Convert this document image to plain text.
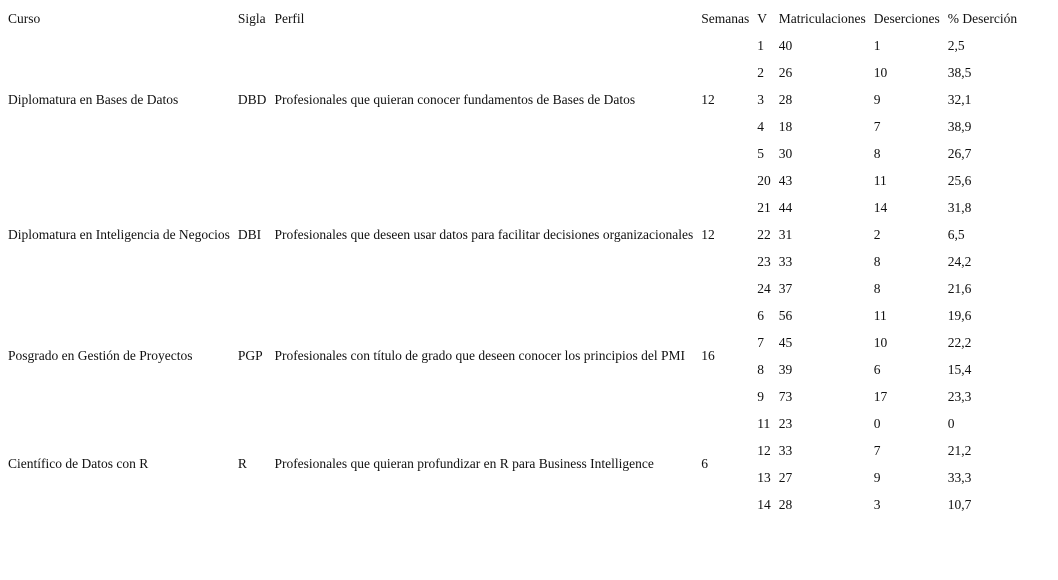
Curso	Sigla	Perfil	Semanas	V	Matriculaciones	Deserciones	% Deserción
Diplomatura en Bases de Datos	DBD	Profesionales que quieran conocer fundamentos de Bases de Datos	12	1	40	1	2,5
				2	26	10	38,5
				3	28	9	32,1
				4	18	7	38,9
				5	30	8	26,7
Diplomatura en Inteligencia de Negocios	DBI	Profesionales que deseen usar datos para facilitar decisiones organizacionales	12	20	43	11	25,6
				21	44	14	31,8
				22	31	2	6,5
				23	33	8	24,2
				24	37	8	21,6
Posgrado en Gestión de Proyectos	PGP	Profesionales con título de grado que deseen conocer los principios del PMI	16	6	56	11	19,6
				7	45	10	22,2
				8	39	6	15,4
				9	73	17	23,3
Científico de Datos con R	R	Profesionales que quieran profundizar en R para Business Intelligence	6	11	23	0	0
				12	33	7	21,2
				13	27	9	33,3
				14	28	3	10,7
